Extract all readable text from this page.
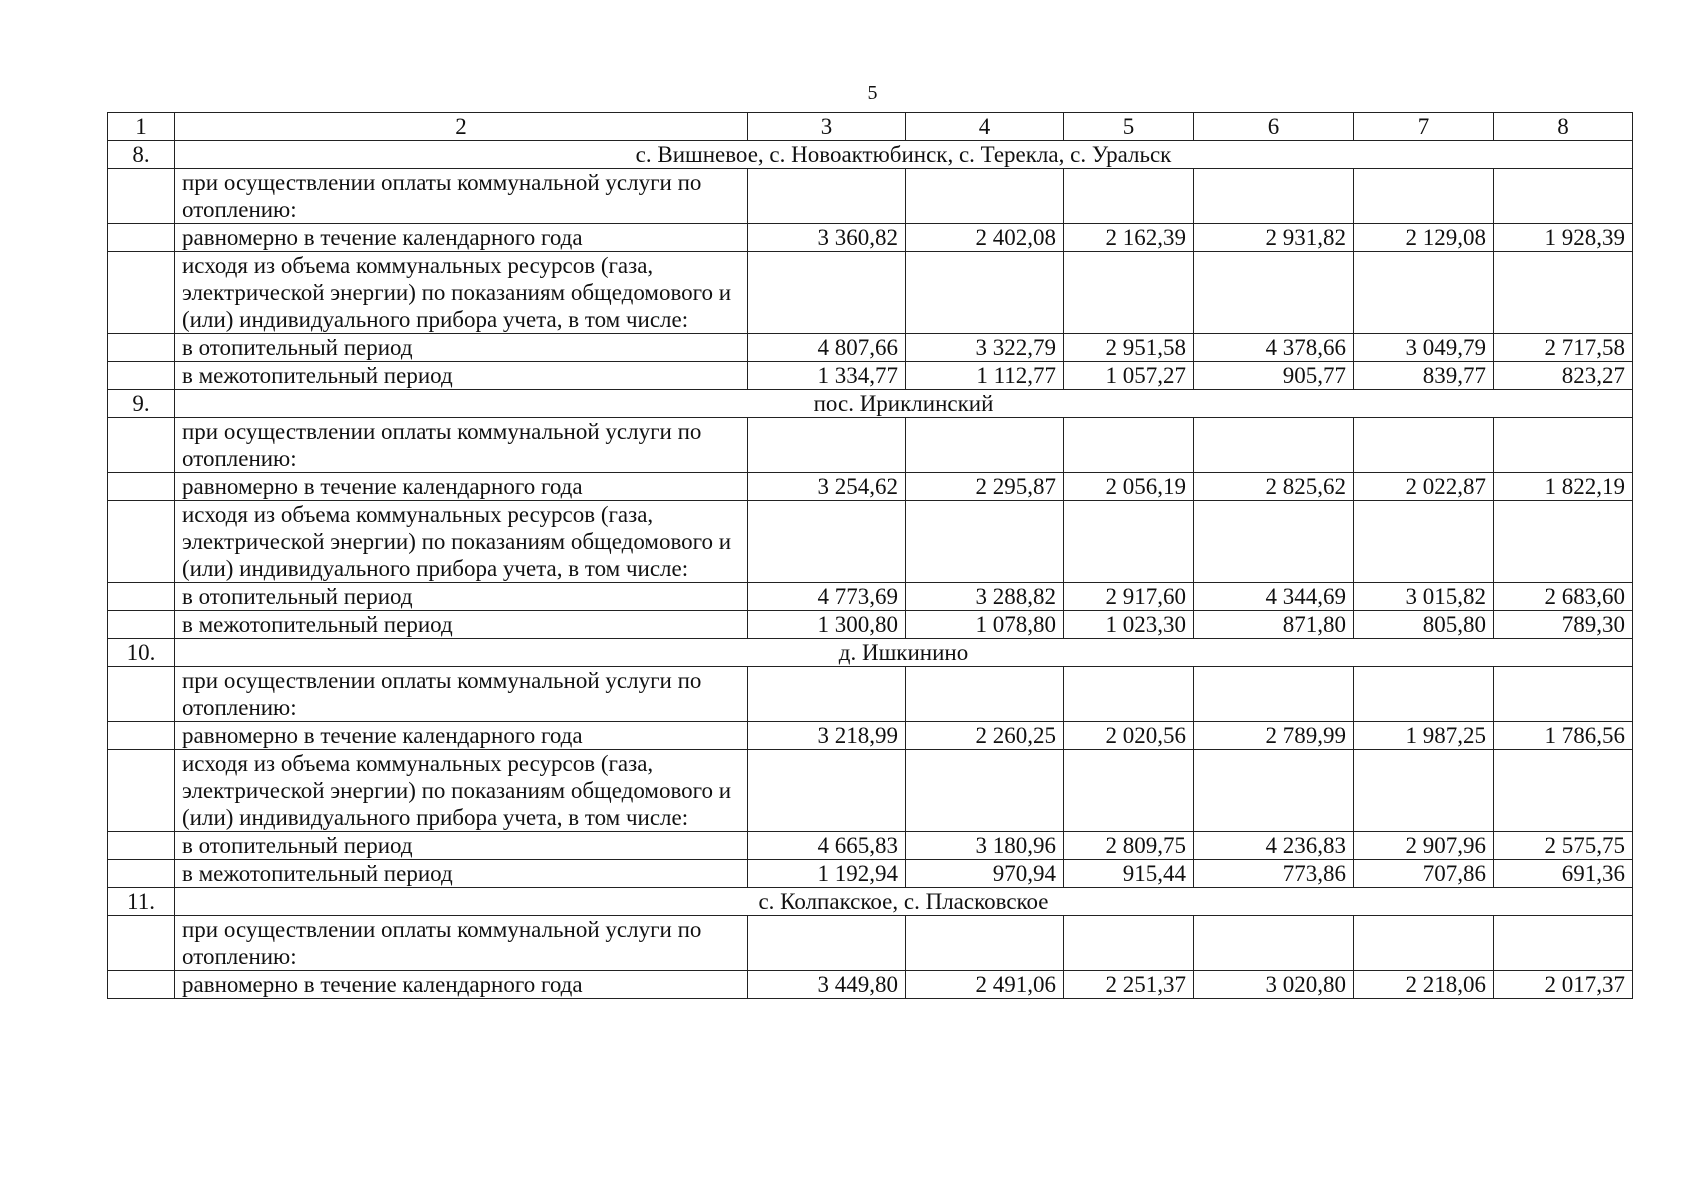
5
1	2	3	4	5	6	7	8
8.	с. Вишневое, с. Новоактюбинск, с. Терекла, с. Уральск						
	при осуществлении оплаты коммунальной услуги по отоплению:						
	равномерно в течение календарного года	3 360,82	2 402,08	2 162,39	2 931,82	2 129,08	1 928,39
	исходя из объема коммунальных ресурсов (газа, электрической энергии) по показаниям общедомового и (или) индивидуального прибора учета, в том числе:						
	в отопительный период	4 807,66	3 322,79	2 951,58	4 378,66	3 049,79	2 717,58
	в межотопительный период	1 334,77	1 112,77	1 057,27	905,77	839,77	823,27
9.	пос. Ириклинский						
	при осуществлении оплаты коммунальной услуги по отоплению:						
	равномерно в течение календарного года	3 254,62	2 295,87	2 056,19	2 825,62	2 022,87	1 822,19
	исходя из объема коммунальных ресурсов (газа, электрической энергии) по показаниям общедомового и (или) индивидуального прибора учета, в том числе:						
	в отопительный период	4 773,69	3 288,82	2 917,60	4 344,69	3 015,82	2 683,60
	в межотопительный период	1 300,80	1 078,80	1 023,30	871,80	805,80	789,30
10.	д. Ишкинино						
	при осуществлении оплаты коммунальной услуги по отоплению:						
	равномерно в течение календарного года	3 218,99	2 260,25	2 020,56	2 789,99	1 987,25	1 786,56
	исходя из объема коммунальных ресурсов (газа, электрической энергии) по показаниям общедомового и (или) индивидуального прибора учета, в том числе:						
	в отопительный период	4 665,83	3 180,96	2 809,75	4 236,83	2 907,96	2 575,75
	в межотопительный период	1 192,94	970,94	915,44	773,86	707,86	691,36
11.	с. Колпакское, с. Пласковское						
	при осуществлении оплаты коммунальной услуги по отоплению:						
	равномерно в течение календарного года	3 449,80	2 491,06	2 251,37	3 020,80	2 218,06	2 017,37
